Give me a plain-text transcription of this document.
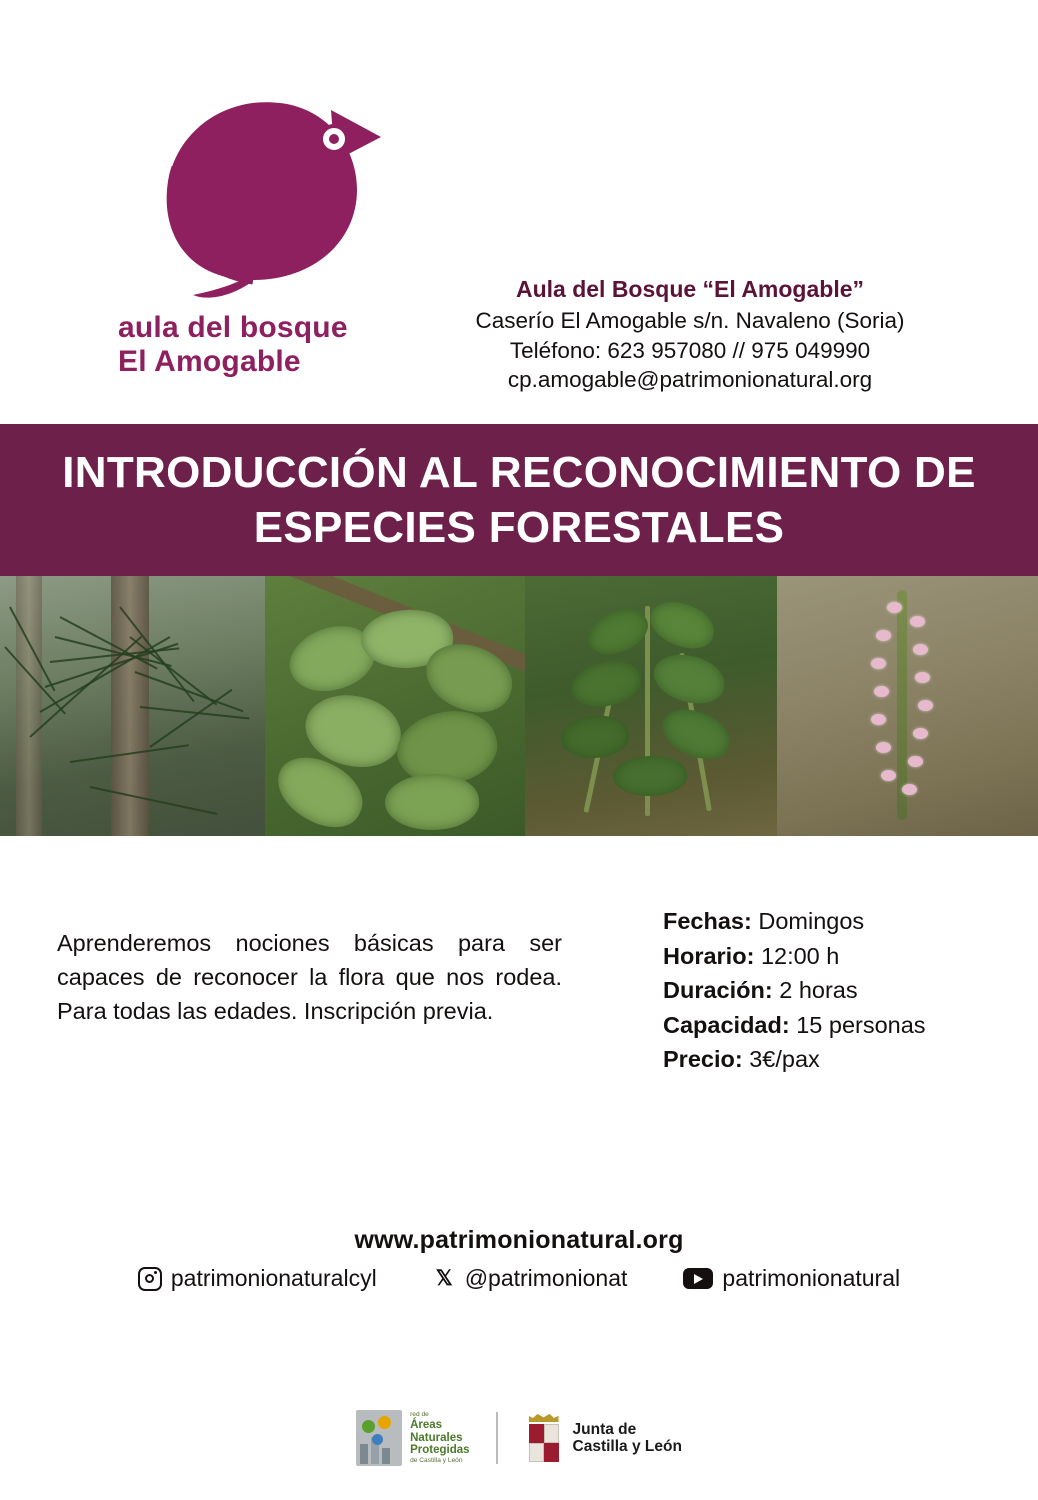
aula del bosque
El Amogable
Aula del Bosque “El Amogable”
Caserío El Amogable s/n. Navaleno (Soria)
Teléfono: 623 957080 // 975 049990
cp.amogable@patrimonionatural.org
INTRODUCCIÓN AL RECONOCIMIENTO DE ESPECIES FORESTALES
Aprenderemos nociones básicas para ser capaces de reconocer la flora que nos rodea. Para todas las edades. Inscripción previa.
Fechas: Domingos
Horario: 12:00 h
Duración: 2 horas
Capacidad: 15 personas
Precio: 3€/pax
www.patrimonionatural.org
patrimonionaturalcyl	𝕏 @patrimonionat	patrimonionatural
red de
Áreas
Naturales
Protegidas
de Castilla y León
Junta de
Castilla y León
